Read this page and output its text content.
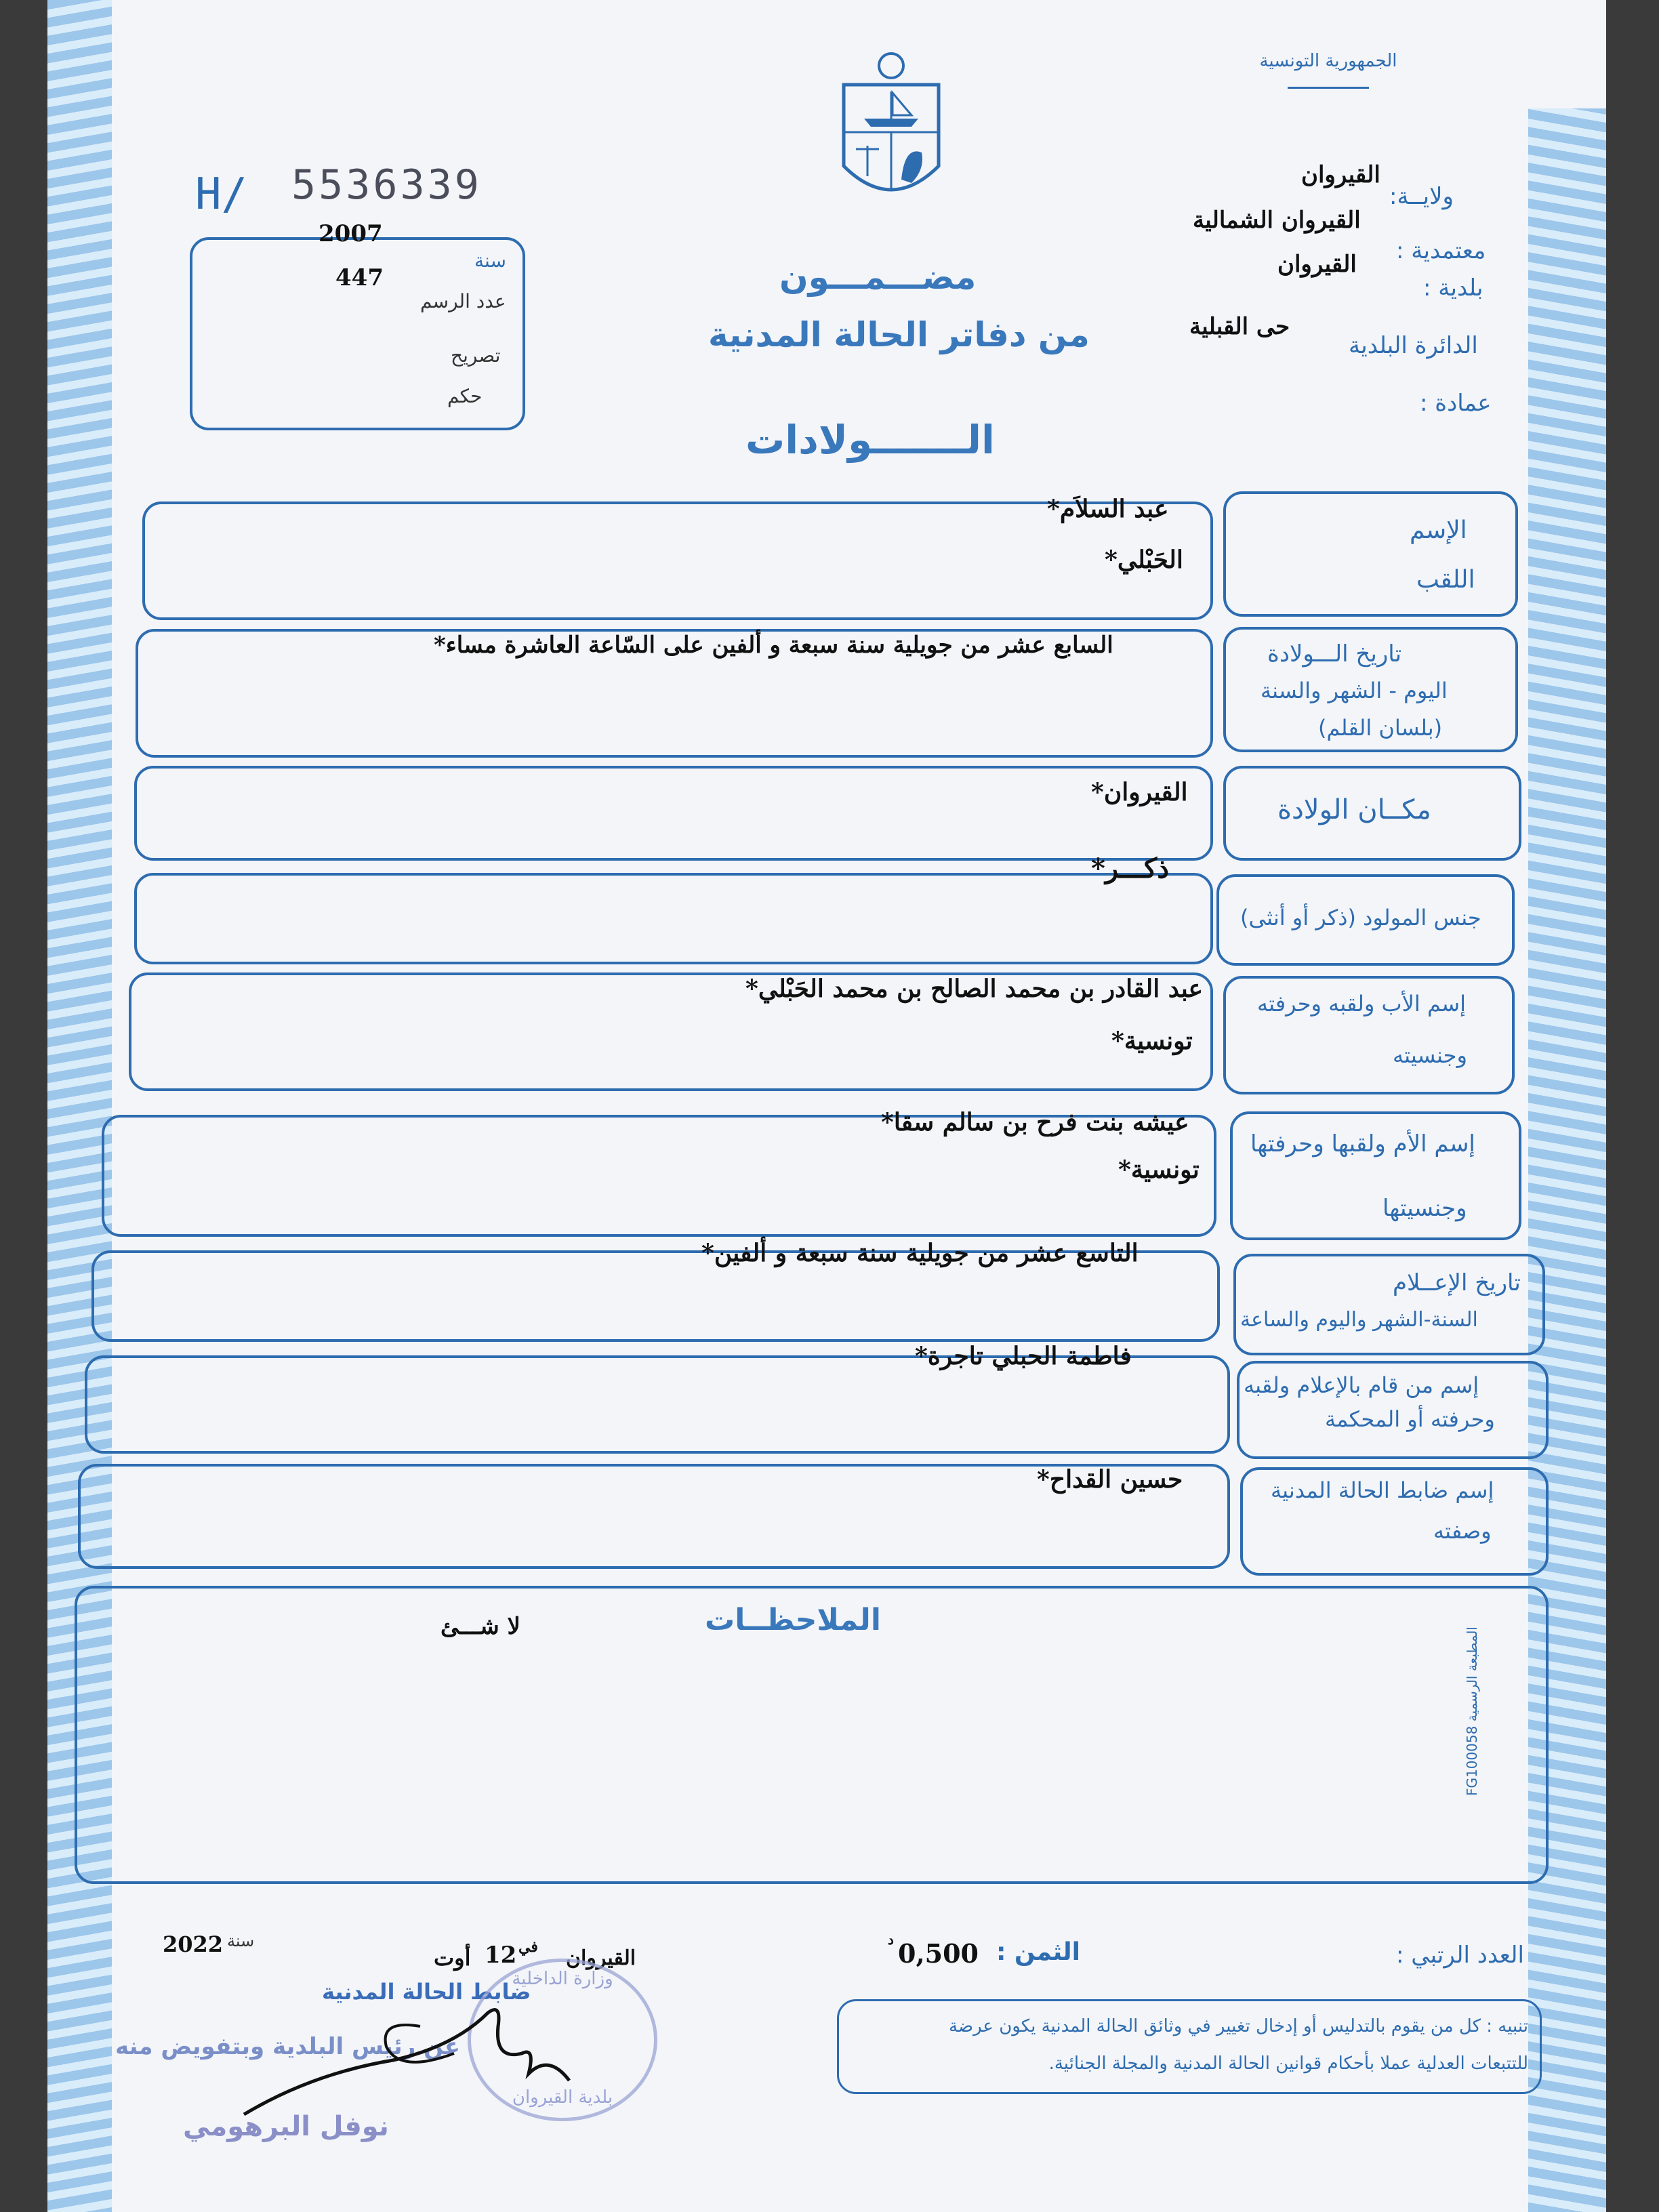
الجمهورية التونسية
ولايــة:
القيروان
القيروان الشمالية
معتمدية :
القيروان
بلدية :
حى القبلية
الدائرة البلدية
عمادة :
H/ 5536339
2007
سنة
447
عدد الرسم
تصريح
حكم
مضـــمـــون
من دفاتر الحالة المدنية
الـــــــولادات
الإسم
اللقب
عبد السلاَم*
الحَبْلي*
تاريخ الـــولادة
اليوم - الشهر والسنة
(بلسان القلم)
السابع عشر من جويلية سنة سبعة و ألفين على السّاعة العاشرة مساء*
مكــان الولادة
القيروان*
جنس المولود (ذكر أو أنثى)
ذكـــر*
إسم الأب ولقبه وحرفته
وجنسيته
عبد القادر بن محمد الصالح بن محمد الحَبْلي*
تونسية*
إسم الأم ولقبها وحرفتها
وجنسيتها
عيشه بنت فرح بن سالم سقا*
تونسية*
تاريخ الإعــلام
السنة-الشهر واليوم والساعة
التاسع عشر من جويلية سنة سبعة و ألفين*
إسم من قام بالإعلام ولقبه
وحرفته أو المحكمة
فاطمة الحبلي تاجرة*
إسم ضابط الحالة المدنية
وصفته
حسين القداح*
الملاحظــات
لا شـــئ
المطبعة الرسمية FG100058
العدد الرتبي :
الثمن :
0,500
د
القيروان
في
12
أوت
سنة
2022
ضابط الحالة المدنية
عن رئيس البلدية وبتفويض منه
نوفل البرهومي
وزارة الداخلية
بلدية القيروان
تنبيه : كل من يقوم بالتدليس أو إدخال تغيير في وثائق الحالة المدنية يكون عرضة
للتتبعات العدلية عملا بأحكام قوانين الحالة المدنية والمجلة الجنائية.
